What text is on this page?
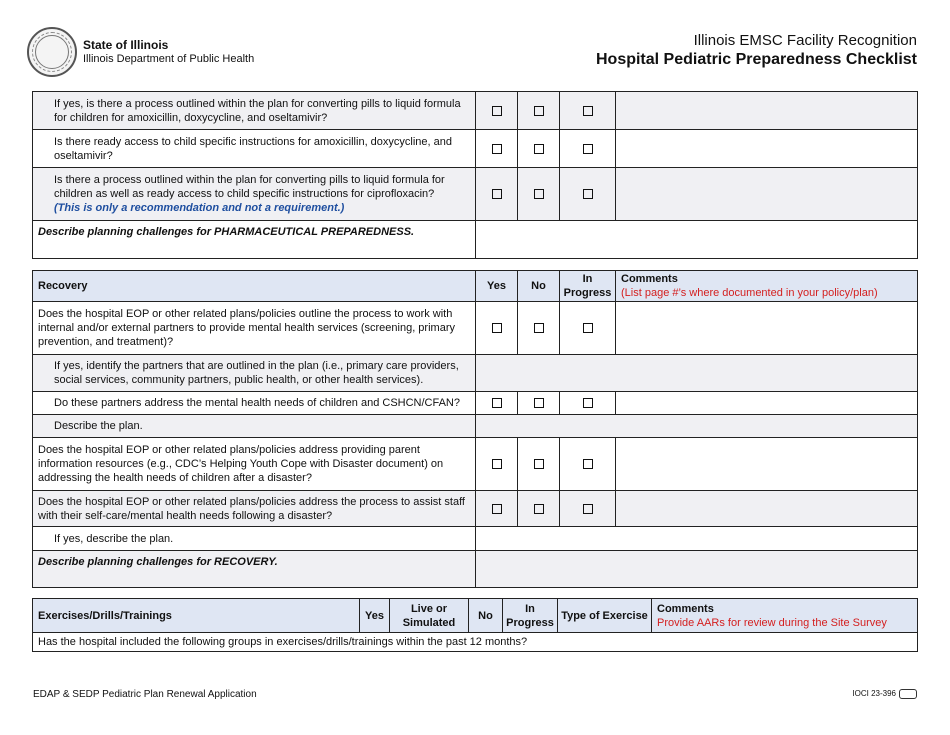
State of Illinois
Illinois Department of Public Health
Illinois EMSC Facility Recognition
Hospital Pediatric Preparedness Checklist
If yes, is there a process outlined within the plan for converting pills to liquid formula for children for amoxicillin, doxycycline, and oseltamivir?				
Is there ready access to child specific instructions for amoxicillin, doxycycline, and oseltamivir?				
Is there a process outlined within the plan for converting pills to liquid formula for children as well as ready access to child specific instructions for ciprofloxacin?
(This is only a recommendation and not a requirement.)				
Describe planning challenges for PHARMACEUTICAL PREPAREDNESS.				
Recovery	Yes	No	In Progress	Comments
(List page #’s where documented in your policy/plan)
Does the hospital EOP or other related plans/policies outline the process to work with internal and/or external partners to provide mental health services (screening, primary prevention, and treatment)?				
If yes, identify the partners that are outlined in the plan (i.e., primary care providers, social services, community partners, public health, or other health services).				
Do these partners address the mental health needs of children and CSHCN/CFAN?				
Describe the plan.				
Does the hospital EOP or other related plans/policies address providing parent information resources (e.g., CDC’s Helping Youth Cope with Disaster document) on addressing the health needs of children after a disaster?				
Does the hospital EOP or other related plans/policies address the process to assist staff with their self-care/mental health needs following a disaster?				
If yes, describe the plan.				
Describe planning challenges for RECOVERY.				
Exercises/Drills/Trainings	Yes	Live or Simulated	No	In Progress	Type of Exercise	Comments
Provide AARs for review during the Site Survey
Has the hospital included the following groups in exercises/drills/trainings within the past 12 months?
EDAP & SEDP Pediatric Plan Renewal Application	IOCI 23-396
